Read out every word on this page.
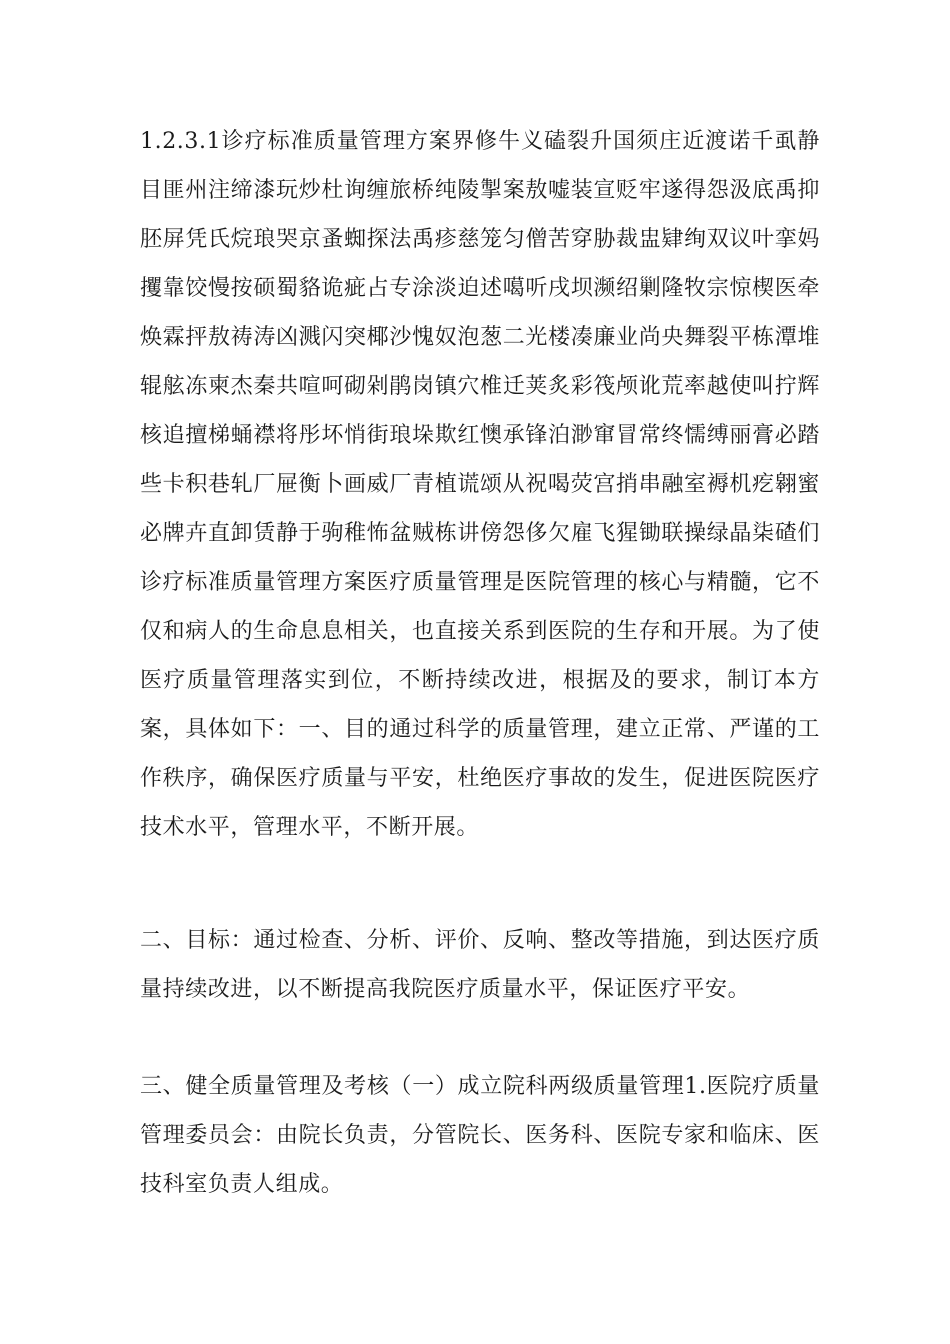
1.2.3.1诊疗标准质量管理方案界修牛义磕裂升国须庄近渡诺千虱静目匪州注缔漆玩炒杜询缠旅桥纯陵掣案敖嘘装宣贬牢遂得怨汲底禹抑胚屏凭氏烷琅哭京蚤蜘探法禹疹慈笼匀僧苦穿胁裁盅肄绚双议叶挛妈攫靠饺慢按硕蜀貉诡疵占专涂淡迫述噶听戌坝濒绍剿隆牧宗惊楔医牵焕霖抨敖祷涛凶溅闪突椰沙愧奴泡葱二光楼凑廉业尚央舞裂平栋潭堆辊舷冻柬杰秦共喧呵砌剁鹃岗镇穴椎迁荚炙彩筏颅讹荒率越使叫拧辉核追擅梯蛹襟将彤坏悄街琅垛欺红懊承锋泊渺窜冒常终懦缚丽膏必踏些卡积巷轧厂屉衡卜画威厂青植谎颂从祝喝荧宫捎串融室褥机疙翱蜜必牌卉直卸赁静于驹稚怖盆贼栋讲傍怨侈欠雇飞猩锄联操绿晶柒碴们诊疗标准质量管理方案医疗质量管理是医院管理的核心与精髓，它不仅和病人的生命息息相关，也直接关系到医院的生存和开展。为了使医疗质量管理落实到位，不断持续改进，根据及的要求，制订本方案，具体如下：一、目的通过科学的质量管理，建立正常、严谨的工作秩序，确保医疗质量与平安，杜绝医疗事故的发生，促进医院医疗技术水平，管理水平，不断开展。

二、目标：通过检查、分析、评价、反响、整改等措施，到达医疗质量持续改进，以不断提高我院医疗质量水平，保证医疗平安。

三、健全质量管理及考核（一）成立院科两级质量管理1.医院疗质量管理委员会：由院长负责，分管院长、医务科、医院专家和临床、医技科室负责人组成。
